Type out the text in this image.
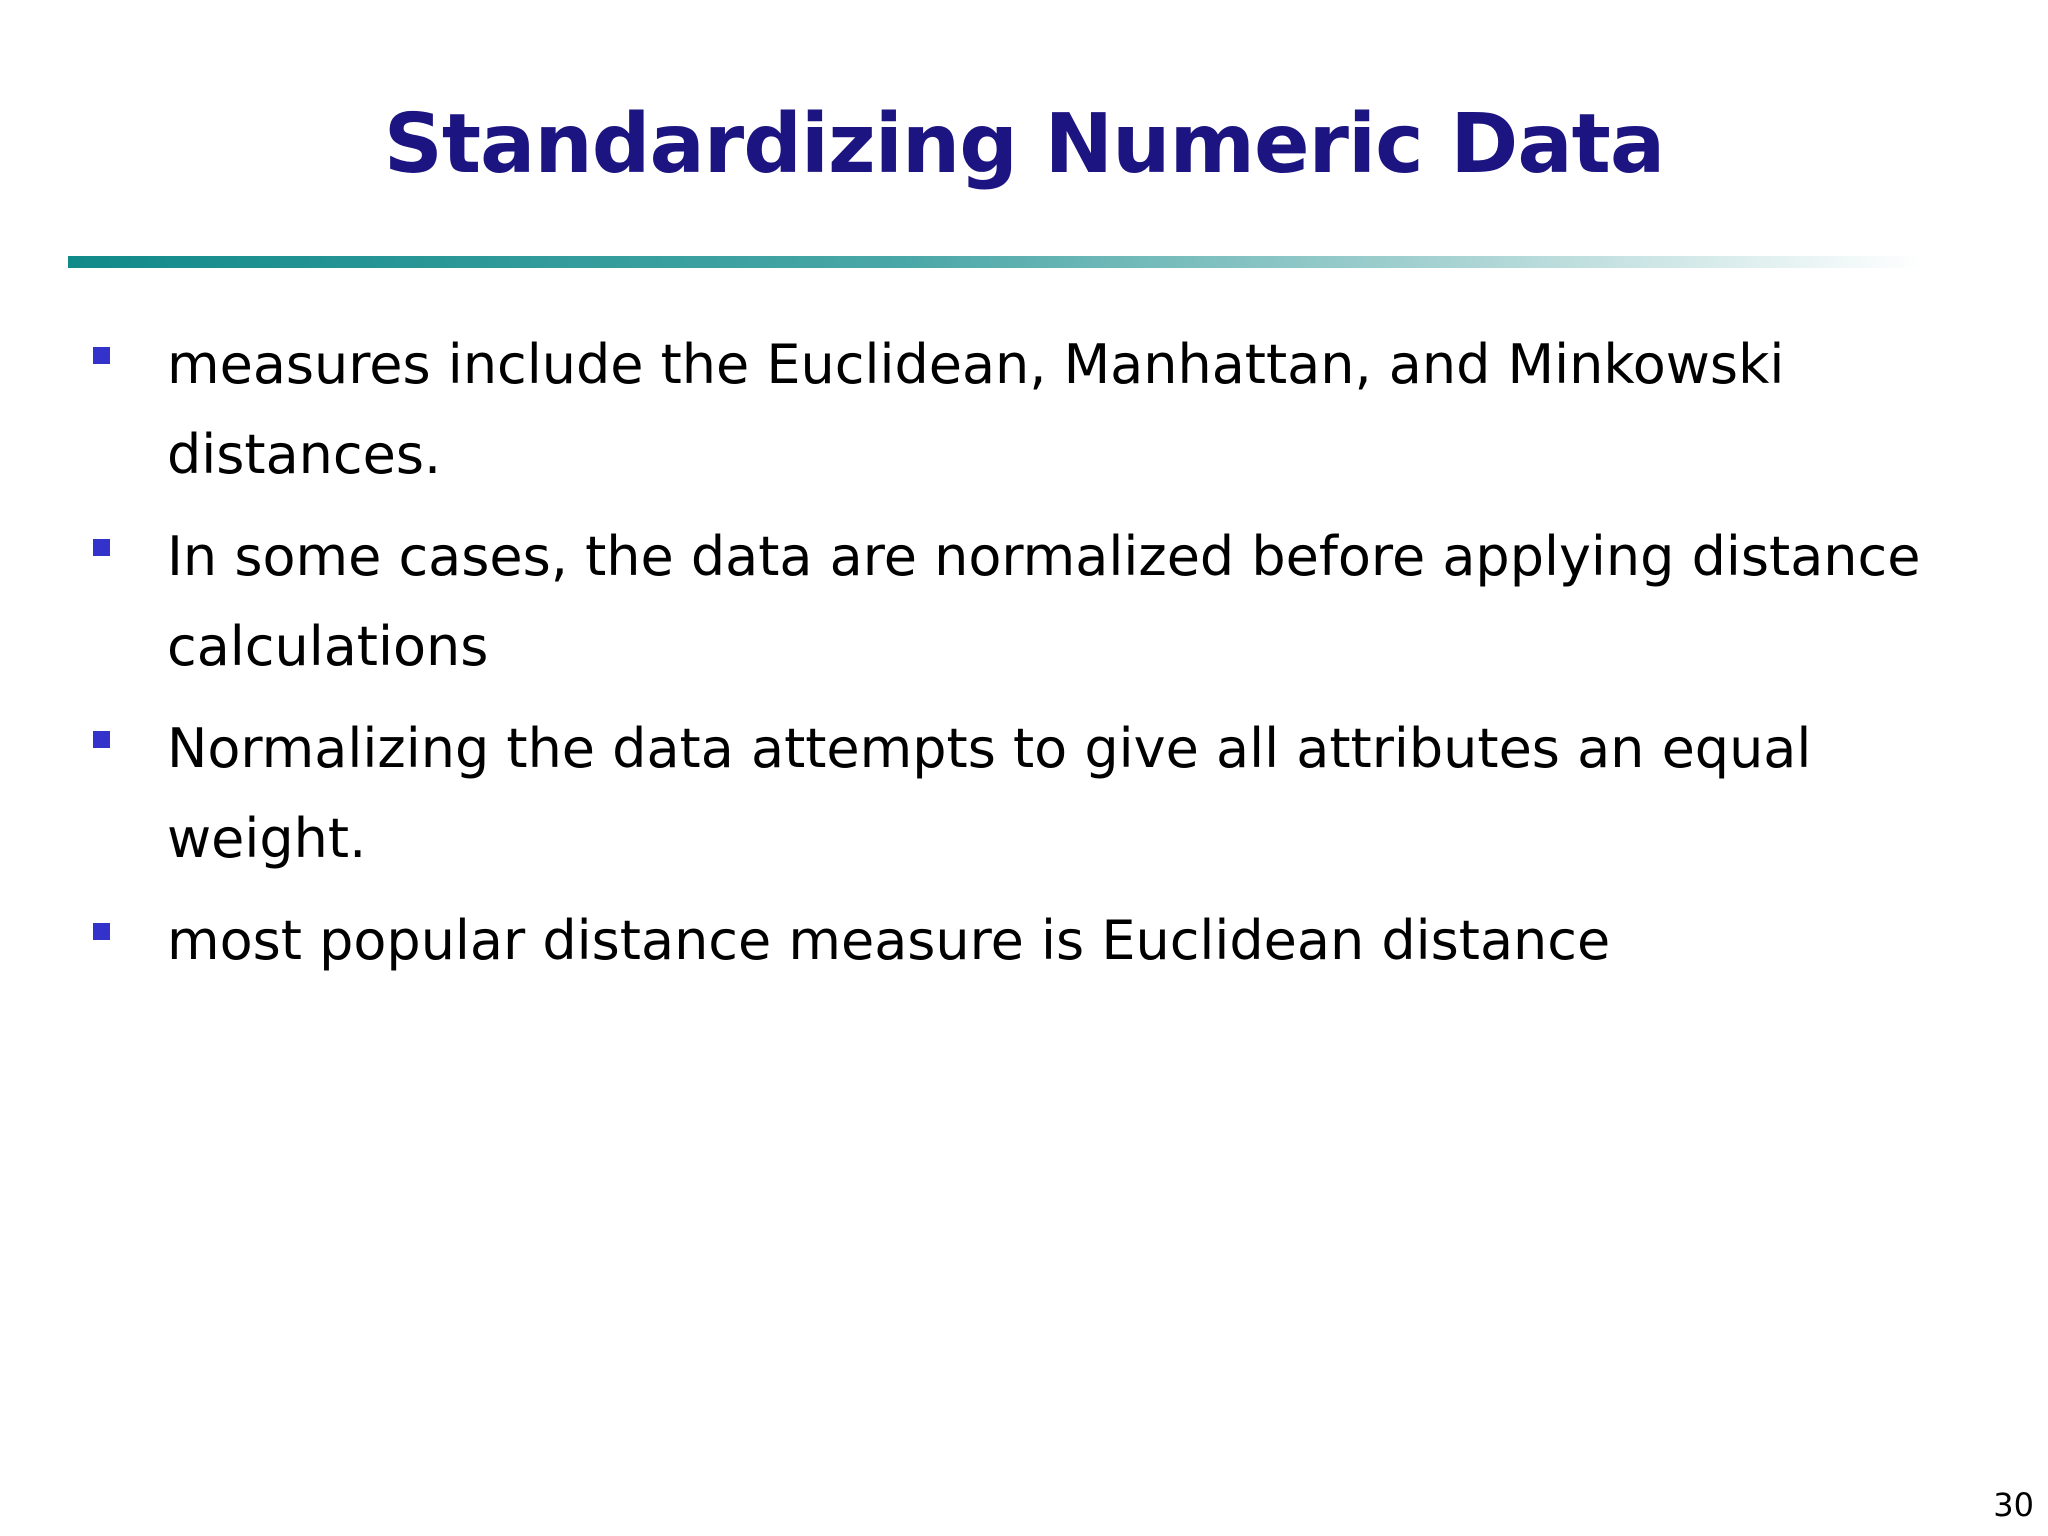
Standardizing Numeric Data
measures include the Euclidean, Manhattan, and Minkowski distances.
In some cases, the data are normalized before applying distance calculations
Normalizing the data attempts to give all attributes an equal weight.
most popular distance measure is Euclidean distance
30
